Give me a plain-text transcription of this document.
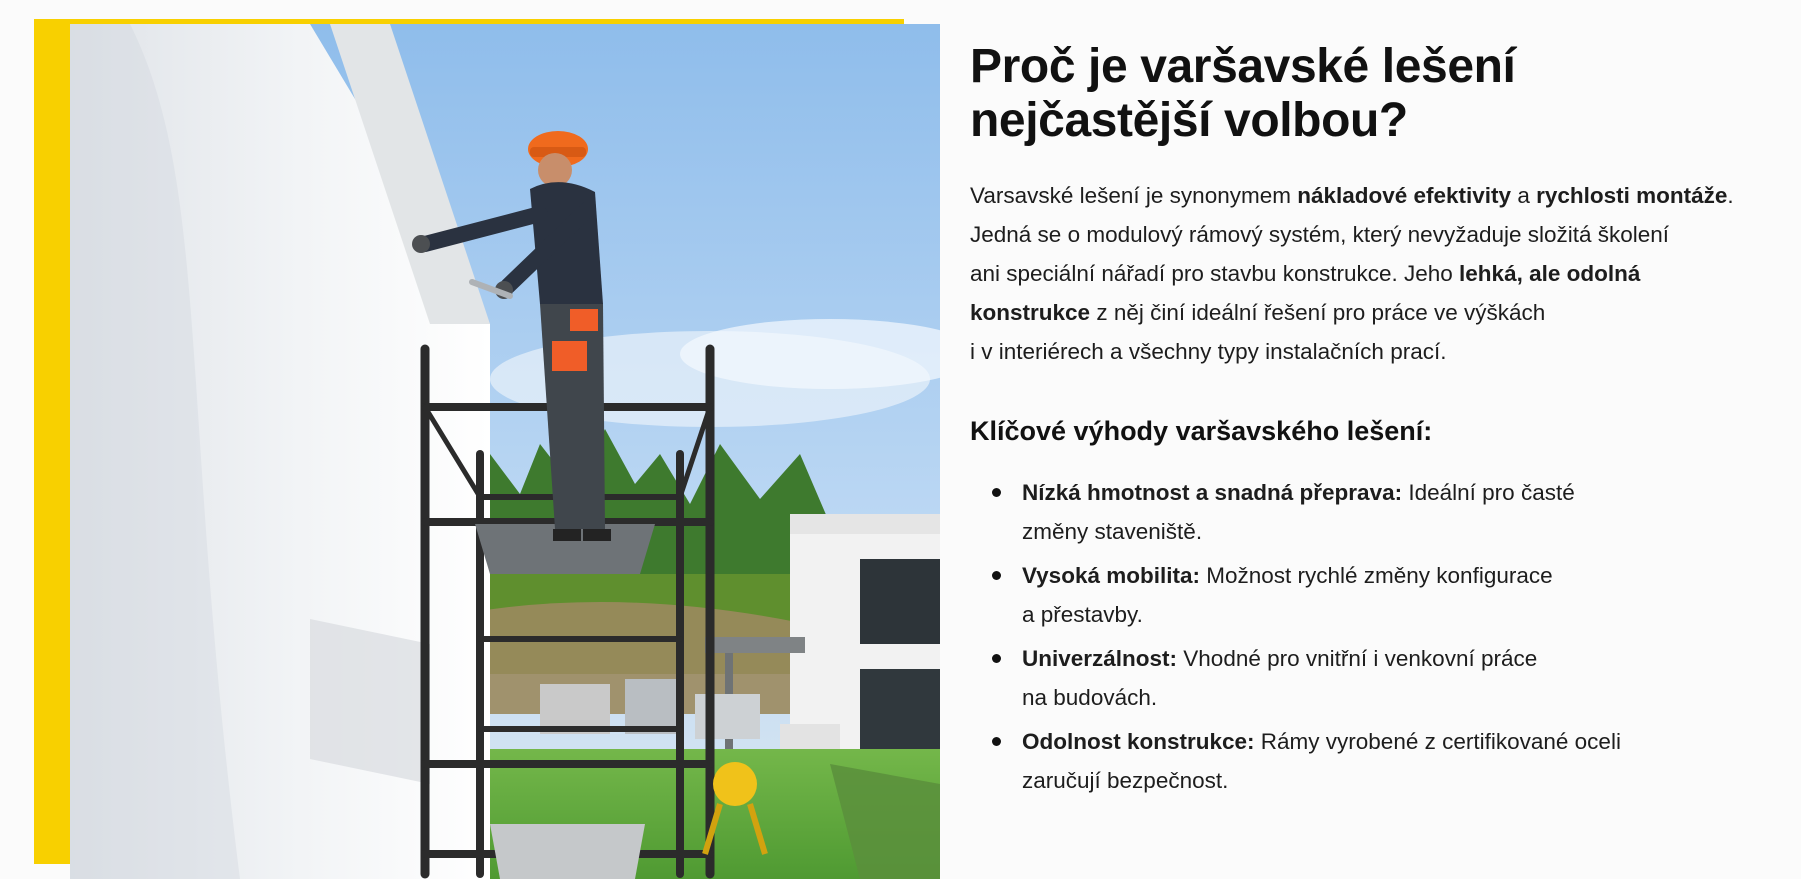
Proč je varšavské lešení
nejčastější volbou?

Varsavské lešení je synonymem nákladové efektivity a rychlosti montáže.
Jedná se o modulový rámový systém, který nevyžaduje složitá školení
ani speciální nářadí pro stavbu konstrukce. Jeho lehká, ale odolná
konstrukce z něj činí ideální řešení pro práce ve výškách
i v interiérech a všechny typy instalačních prací.

Klíčové výhody varšavského lešení:
Nízká hmotnost a snadná přeprava: Ideální pro časté
změny staveniště.
Vysoká mobilita: Možnost rychlé změny konfigurace
a přestavby.
Univerzálnost: Vhodné pro vnitřní i venkovní práce
na budovách.
Odolnost konstrukce: Rámy vyrobené z certifikované oceli
zaručují bezpečnost.
